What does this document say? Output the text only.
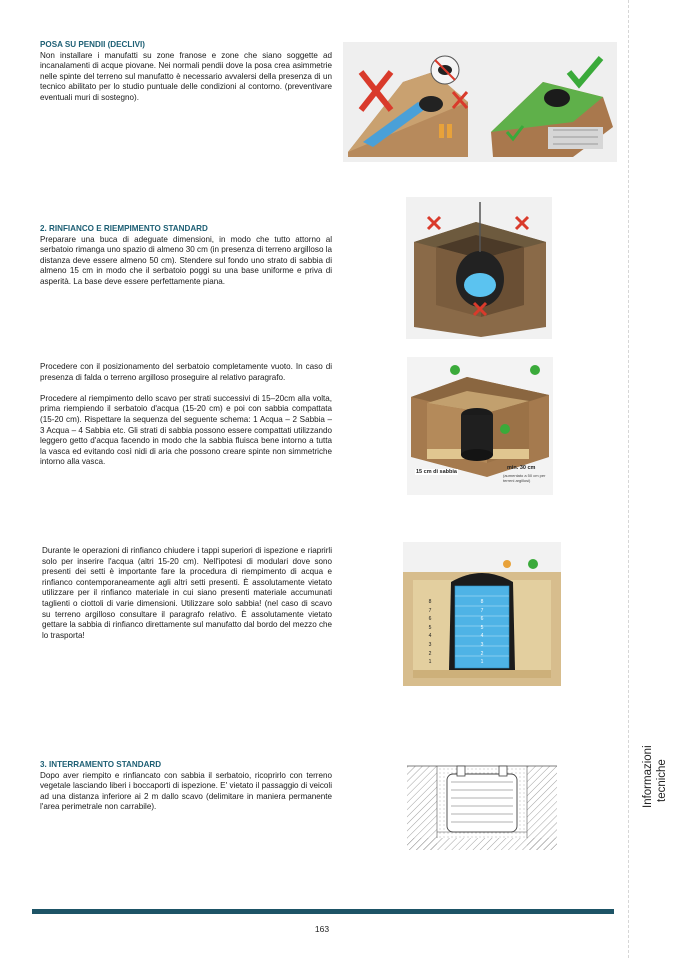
POSA SU PENDII (DECLIVI)

Non installare i manufatti su zone franose e zone che siano soggette ad incanalamenti di acque piovane. Nei normali pendii dove la posa crea asimmetrie nelle spinte del terreno sul manufatto è necessario avvalersi della presenza di un tecnico abilitato per lo studio puntuale delle condizioni al contorno. (preventivare eventuali muri di sostegno).

2. RINFIANCO E RIEMPIMENTO STANDARD

Preparare una buca di adeguate dimensioni, in modo che tutto attorno al serbatoio rimanga uno spazio di almeno 30 cm (in presenza di terreno argilloso la distanza deve essere almeno 50 cm). Stendere sul fondo uno strato di sabbia di almeno 15 cm in modo che il serbatoio poggi su una base uniforme e priva di asperità. La base deve essere perfettamente piana.

Procedere con il posizionamento del serbatoio completamente vuoto. In caso di presenza di falda o terreno argilloso proseguire al relativo paragrafo.

Procedere al riempimento dello scavo per strati successivi di 15–20cm alla volta, prima riempiendo il serbatoio d'acqua (15-20 cm) e poi con sabbia compattata (15-20 cm). Rispettare la sequenza del seguente schema: 1 Acqua – 2 Sabbia – 3 Acqua – 4 Sabbia etc. Gli strati di sabbia possono essere compattati utilizzando leggero getto d'acqua facendo in modo che la sabbia fluisca bene intorno a tutta la vasca ed evitando così nidi di aria che possono creare spinte non simmetriche intorno alla vasca.

15 cm di sabbia
min. 30 cm
(aumentato a 50 cm per terreni argillosi)

Durante le operazioni di rinfianco chiudere i tappi superiori di ispezione e riaprirli solo per inserire l'acqua (altri 15-20 cm). Nell'ipotesi di modulari dove sono presenti dei setti è importante fare la procedura di riempimento di acqua e rinfianco contemporaneamente agli altri setti presenti. È assolutamente vietato utilizzare per il rinfianco materiale in cui siano presenti materiale accumunati taglienti o ciottoli di varie dimensioni. Utilizzare solo sabbia! (nel caso di scavo su terreno argilloso consultare il paragrafo relativo. È assolutamente vietato gettare la sabbia di rinfianco direttamente sul manufatto dal bordo del mezzo che lo trasporta!

8
7
6
5
4
3
2
1
8
7
6
5
4
3
2
1

3. INTERRAMENTO STANDARD

Dopo aver riempito e rinfiancato con sabbia il serbatoio, ricoprirlo con terreno vegetale lasciando liberi i boccaporti di ispezione. E' vietato il passaggio di veicoli ad una distanza inferiore ai 2 m dallo scavo (delimitare in maniera permanente l'area perimetrale non carrabile).	Informazioni tecniche
163
